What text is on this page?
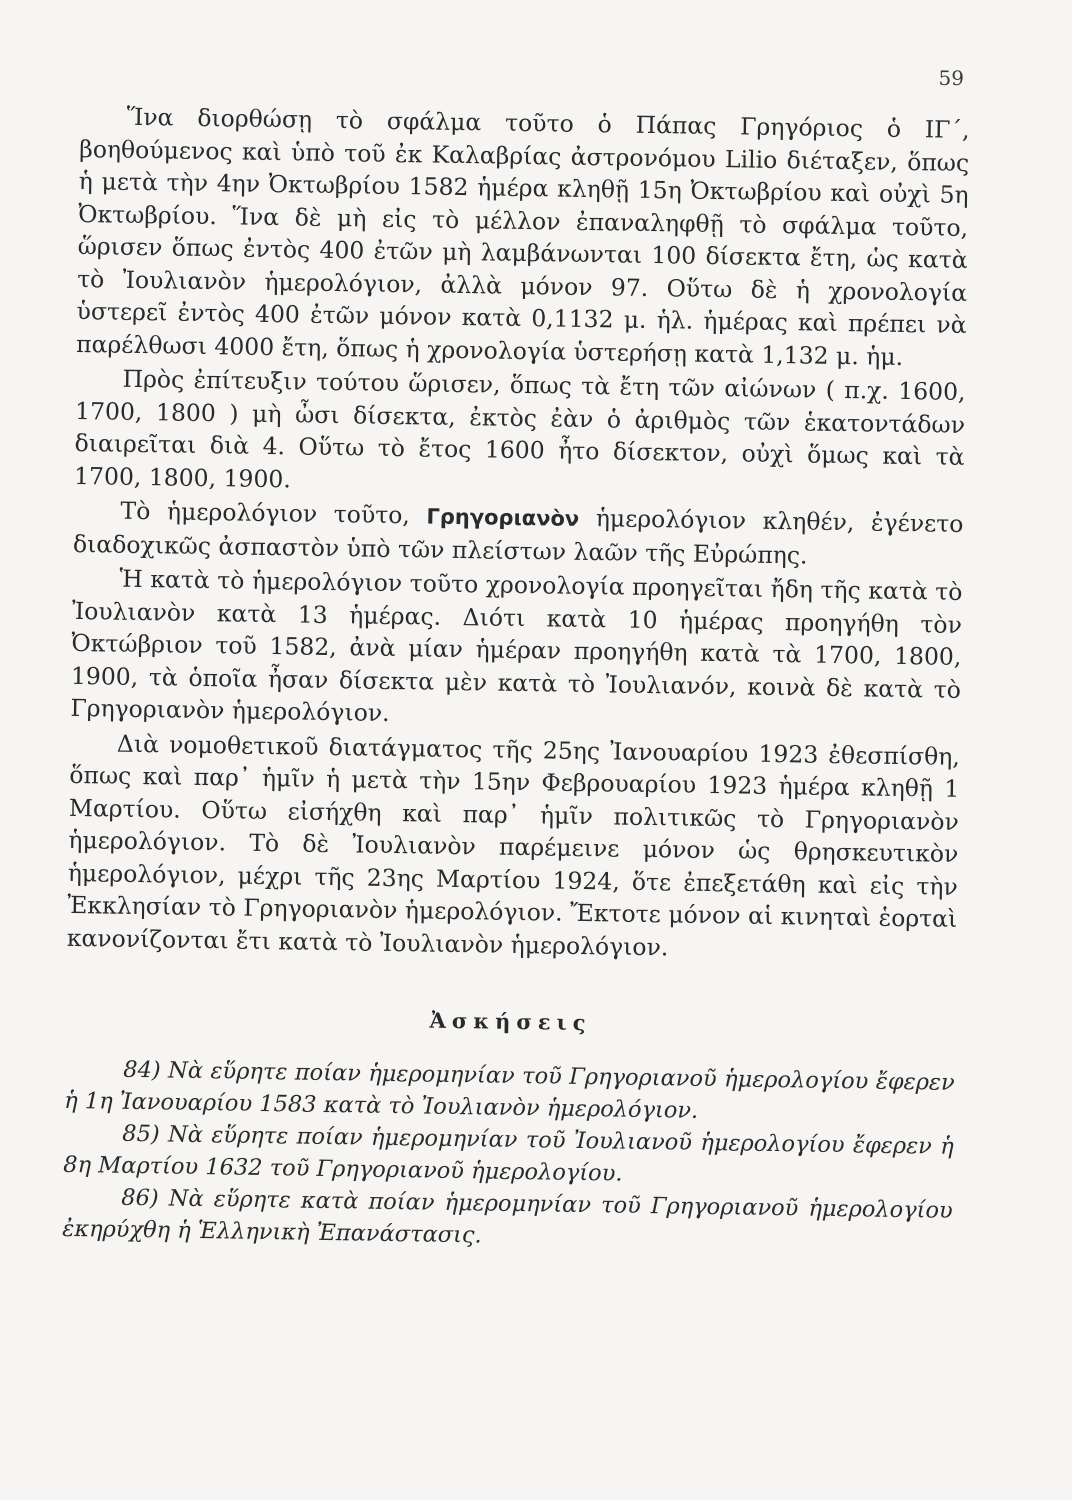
59

Ἵνα διορθώσῃ τὸ σφάλμα τοῦτο ὁ Πάπας Γρηγόριος ὁ ΙΓ΄, βοηθούμενος καὶ ὑπὸ τοῦ ἐκ Καλαβρίας ἀστρονόμου Lilio διέταξεν, ὅπως ἡ μετὰ τὴν 4ην Ὀκτωβρίου 1582 ἡμέρα κληθῇ 15η Ὀκτωβρίου καὶ οὐχὶ 5η Ὀκτωβρίου. Ἵνα δὲ μὴ εἰς τὸ μέλλον ἐπαναληφθῇ τὸ σφάλμα τοῦτο, ὥρισεν ὅπως ἐντὸς 400 ἐτῶν μὴ λαμβάνωνται 100 δίσεκτα ἔτη, ὡς κατὰ τὸ Ἰουλιανὸν ἡμερολόγιον, ἀλλὰ μόνον 97. Οὕτω δὲ ἡ χρονολογία ὑστερεῖ ἐντὸς 400 ἐτῶν μόνον κατὰ 0,1132 μ. ἡλ. ἡμέρας καὶ πρέπει νὰ παρέλθωσι 4000 ἔτη, ὅπως ἡ χρονολογία ὑστερήσῃ κατὰ 1,132 μ. ἡμ.

Πρὸς ἐπίτευξιν τούτου ὥρισεν, ὅπως τὰ ἔτη τῶν αἰώνων ( π.χ. 1600, 1700, 1800 ) μὴ ὦσι δίσεκτα, ἐκτὸς ἐὰν ὁ ἀριθμὸς τῶν ἑκατοντάδων διαιρεῖται διὰ 4. Οὕτω τὸ ἔτος 1600 ἦτο δίσεκτον, οὐχὶ ὅμως καὶ τὰ 1700, 1800, 1900.

Τὸ ἡμερολόγιον τοῦτο, Γρηγοριανὸν ἡμερολόγιον κληθέν, ἐγένετο διαδοχικῶς ἀσπαστὸν ὑπὸ τῶν πλείστων λαῶν τῆς Εὐρώπης.

Ἡ κατὰ τὸ ἡμερολόγιον τοῦτο χρονολογία προηγεῖται ἤδη τῆς κατὰ τὸ Ἰουλιανὸν κατὰ 13 ἡμέρας. Διότι κατὰ 10 ἡμέρας προηγήθη τὸν Ὀκτώβριον τοῦ 1582, ἀνὰ μίαν ἡμέραν προηγήθη κατὰ τὰ 1700, 1800, 1900, τὰ ὁποῖα ἦσαν δίσεκτα μὲν κατὰ τὸ Ἰουλιανόν, κοινὰ δὲ κατὰ τὸ Γρηγοριανὸν ἡμερολόγιον.

Διὰ νομοθετικοῦ διατάγματος τῆς 25ης Ἰανουαρίου 1923 ἐθεσπίσθη, ὅπως καὶ παρ᾽ ἡμῖν ἡ μετὰ τὴν 15ην Φεβρουαρίου 1923 ἡμέρα κληθῇ 1 Μαρτίου. Οὕτω εἰσήχθη καὶ παρ᾽ ἡμῖν πολιτικῶς τὸ Γρηγοριανὸν ἡμερολόγιον. Τὸ δὲ Ἰουλιανὸν παρέμεινε μόνον ὡς θρησκευτικὸν ἡμερολόγιον, μέχρι τῆς 23ης Μαρτίου 1924, ὅτε ἐπεξετάθη καὶ εἰς τὴν Ἐκκλησίαν τὸ Γρηγοριανὸν ἡμερολόγιον. Ἔκτοτε μόνον αἱ κινηταὶ ἑορταὶ κανονίζονται ἔτι κατὰ τὸ Ἰουλιανὸν ἡμερολόγιον.

Ἀσκήσεις

84) Νὰ εὕρητε ποίαν ἡμερομηνίαν τοῦ Γρηγοριανοῦ ἡμερολογίου ἔφερεν ἡ 1η Ἰανουαρίου 1583 κατὰ τὸ Ἰουλιανὸν ἡμερολόγιον.

85) Νὰ εὕρητε ποίαν ἡμερομηνίαν τοῦ Ἰουλιανοῦ ἡμερολογίου ἔφερεν ἡ 8η Μαρτίου 1632 τοῦ Γρηγοριανοῦ ἡμερολογίου.

86) Νὰ εὕρητε κατὰ ποίαν ἡμερομηνίαν τοῦ Γρηγοριανοῦ ἡμερολογίου ἐκηρύχθη ἡ Ἑλληνικὴ Ἐπανάστασις.
